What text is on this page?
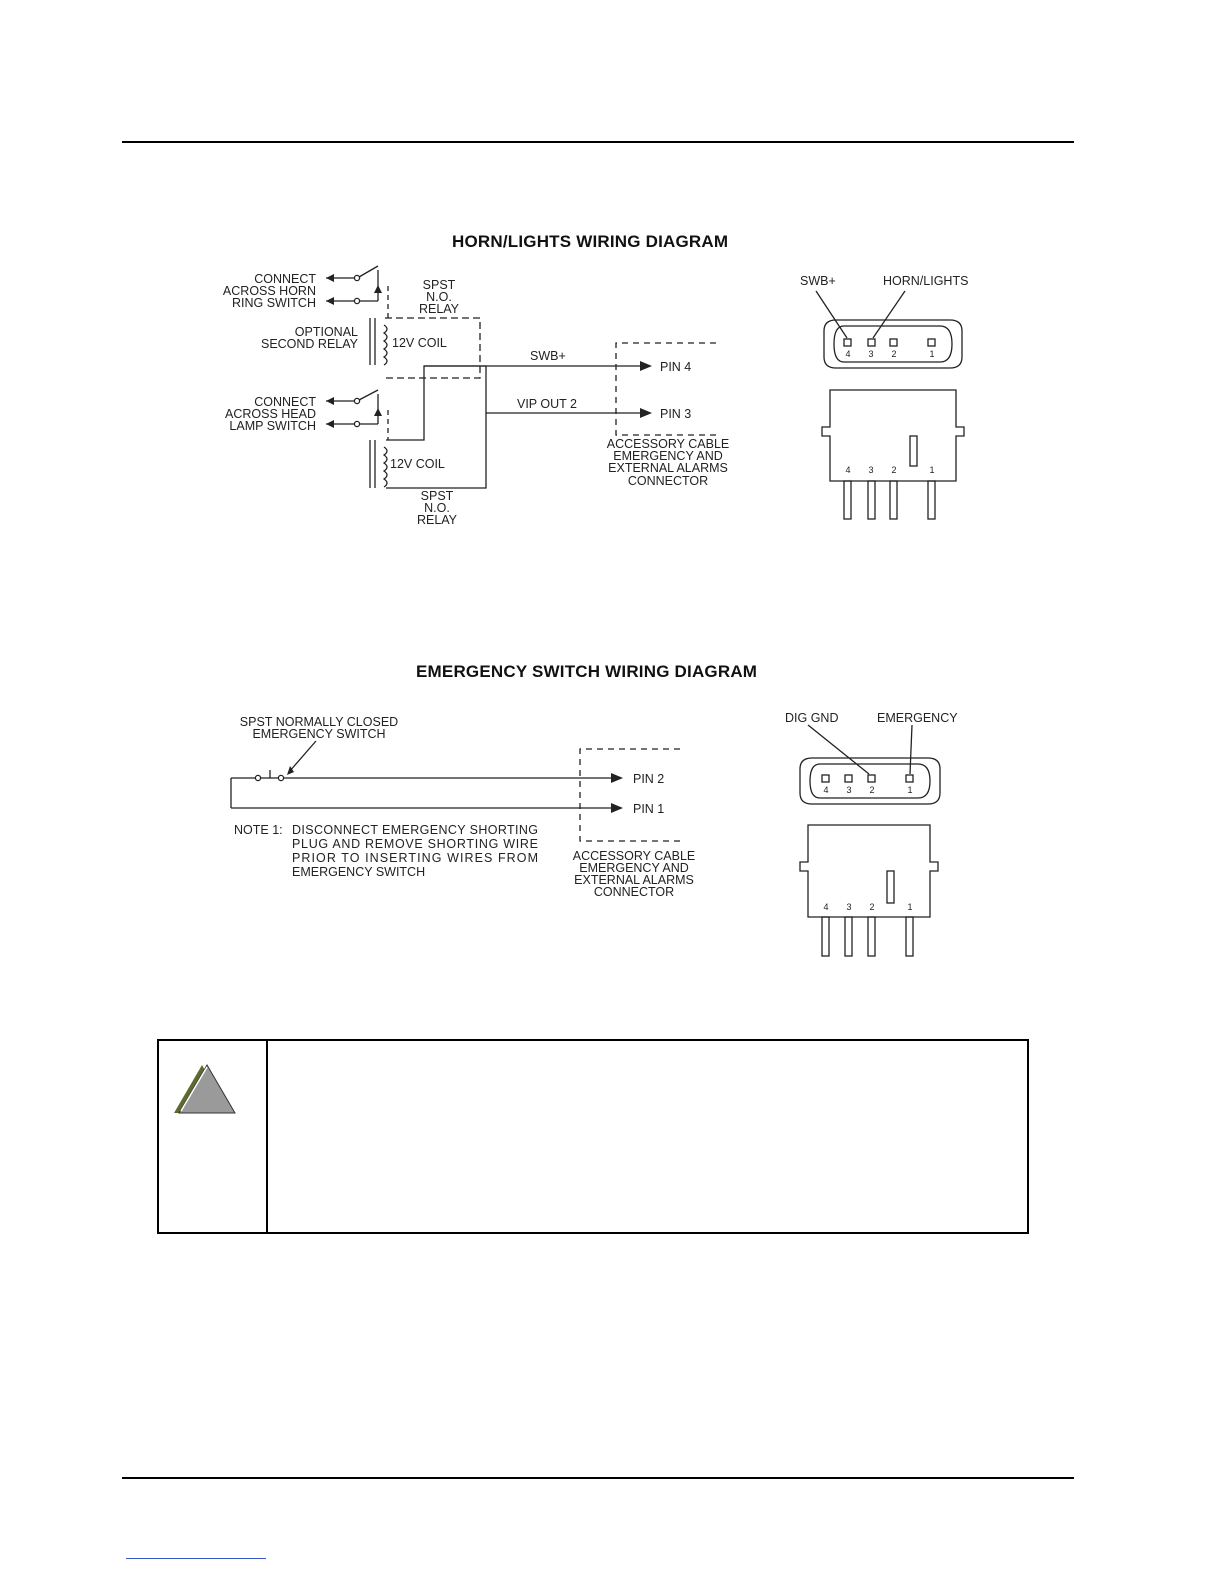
HORN/LIGHTS WIRING DIAGRAM
CONNECT
ACROSS HORN
RING SWITCH
OPTIONAL
SECOND RELAY
CONNECT
ACROSS HEAD
LAMP SWITCH
SPST
N.O.
RELAY
SPST
N.O.
RELAY
ACCESSORY CABLE
EMERGENCY AND
EXTERNAL ALARMS
CONNECTOR
12V COIL
12V COIL
SWB+
VIP OUT 2
PIN 4
PIN 3
SWB+	HORN/LIGHTS
4 3 2	1
4 3 2	1
EMERGENCY SWITCH WIRING DIAGRAM
SPST NORMALLY CLOSED
EMERGENCY SWITCH
ACCESSORY CABLE
EMERGENCY AND
EXTERNAL ALARMS
CONNECTOR
PIN 2
PIN 1
NOTE 1: DISCONNECT EMERGENCY SHORTING
PLUG AND REMOVE SHORTING WIRE
PRIOR TO INSERTING WIRES FROM
EMERGENCY SWITCH
DIG GND	EMERGENCY
4 3 2	1
4 3 2	1
